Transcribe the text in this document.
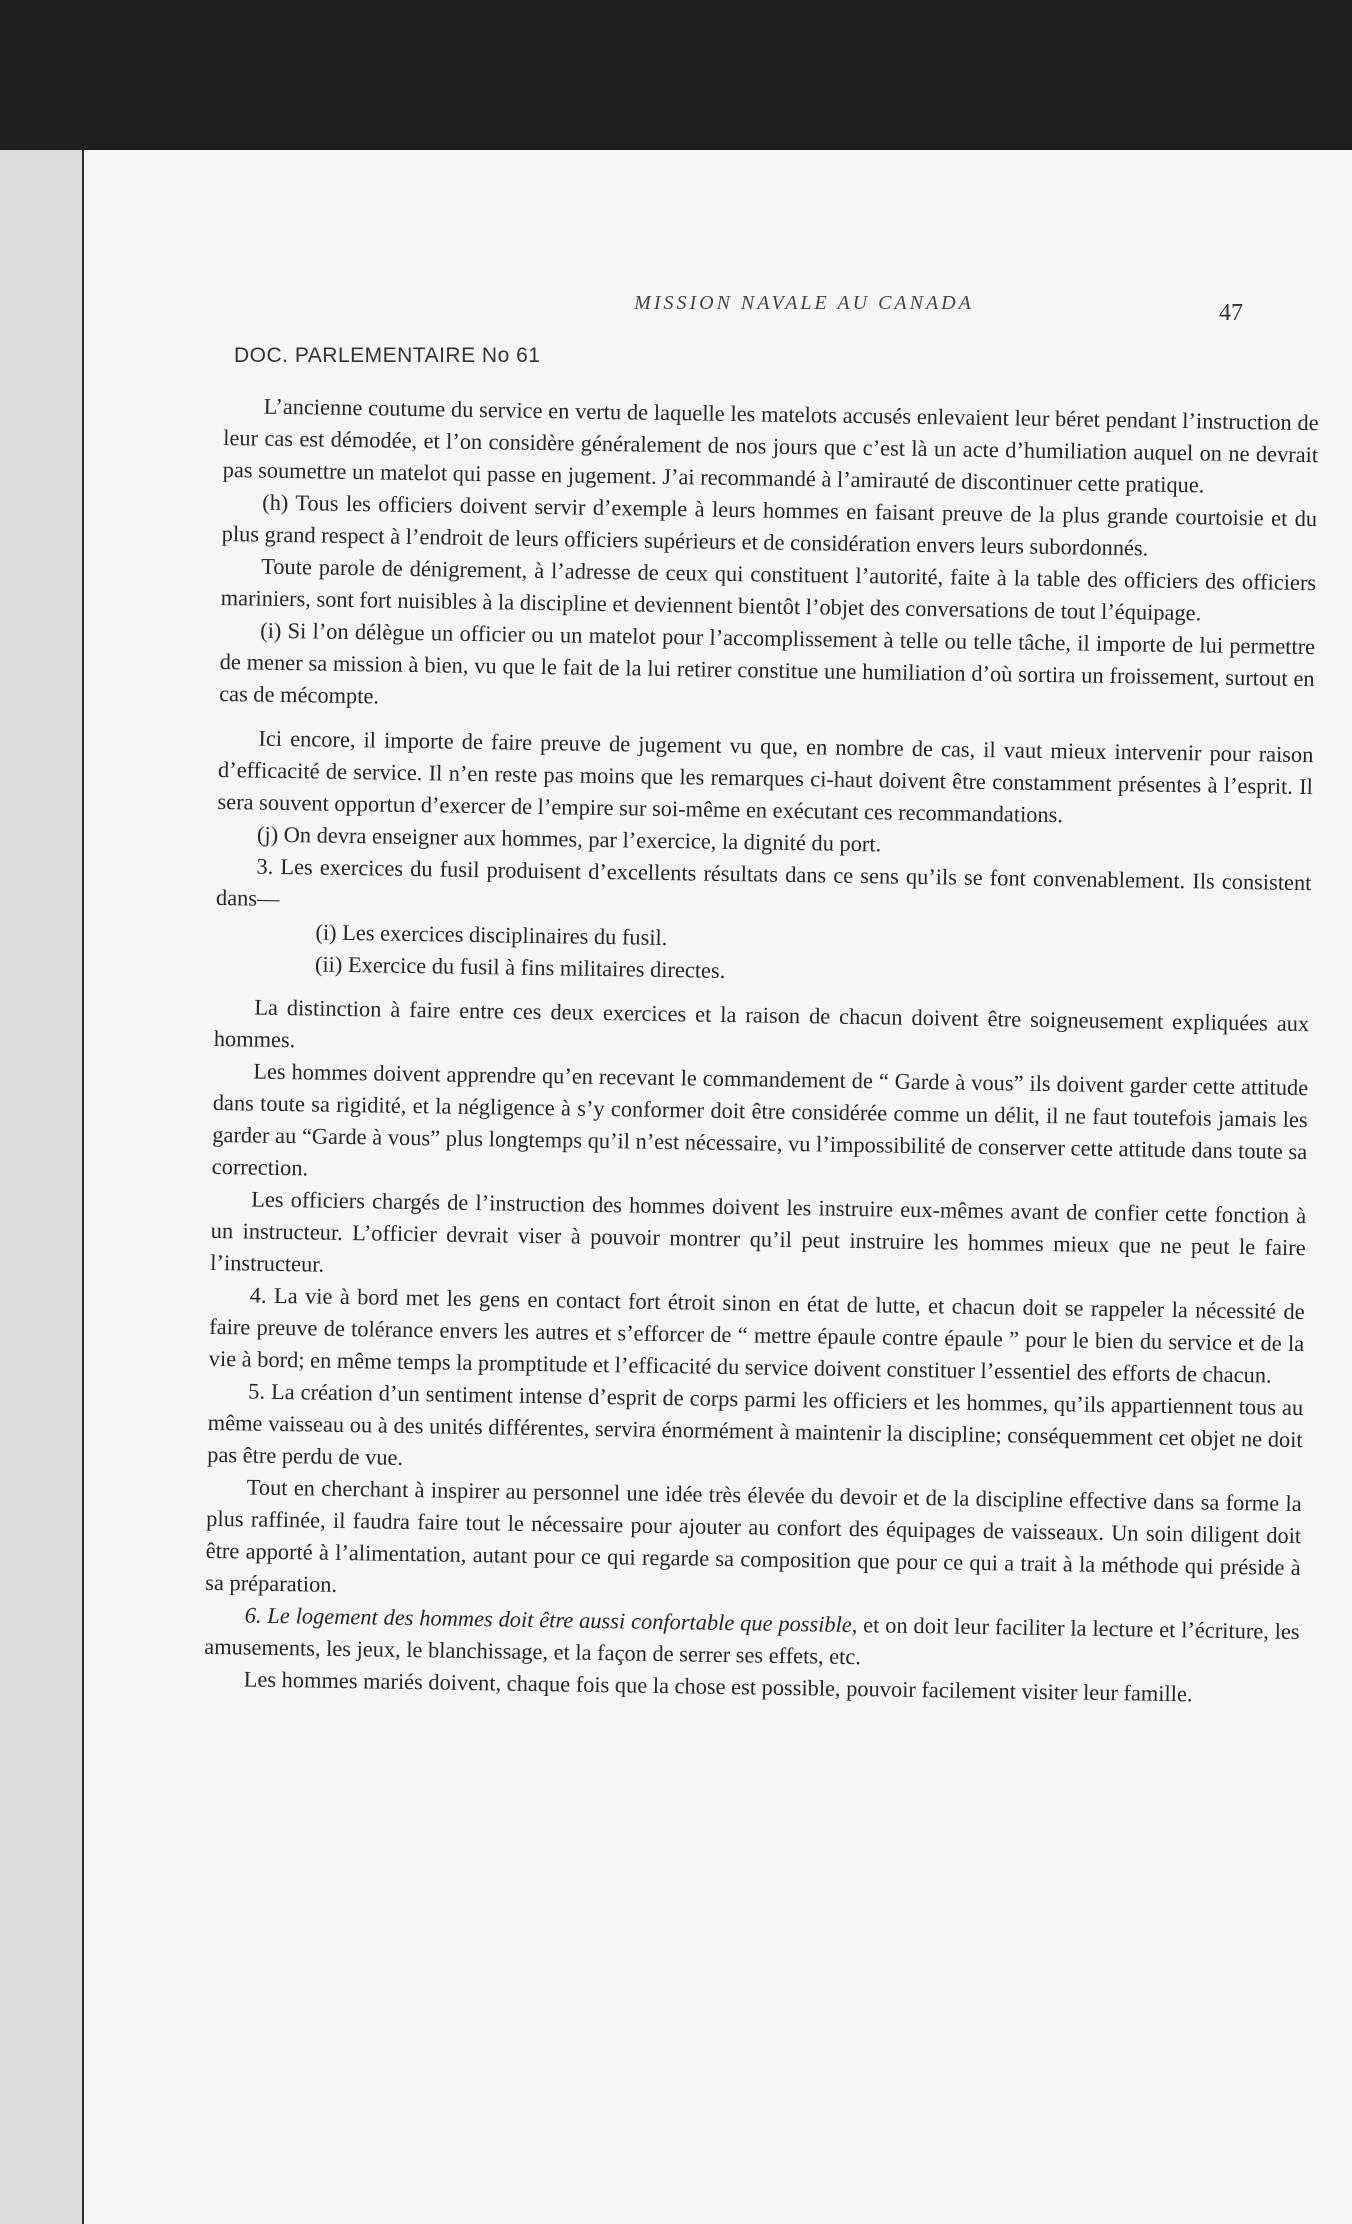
MISSION NAVALE AU CANADA	47
DOC. PARLEMENTAIRE No 61

L’ancienne coutume du service en vertu de laquelle les matelots accusés enlevaient leur béret pendant l’instruction de leur cas est démodée, et l’on considère généralement de nos jours que c’est là un acte d’humiliation auquel on ne devrait pas soumettre un matelot qui passe en jugement. J’ai recommandé à l’amirauté de discontinuer cette pratique.

(h) Tous les officiers doivent servir d’exemple à leurs hommes en faisant preuve de la plus grande courtoisie et du plus grand respect à l’endroit de leurs officiers supérieurs et de considération envers leurs subordonnés.

Toute parole de dénigrement, à l’adresse de ceux qui constituent l’autorité, faite à la table des officiers des officiers mariniers, sont fort nuisibles à la discipline et deviennent bientôt l’objet des conversations de tout l’équipage.

(i) Si l’on délègue un officier ou un matelot pour l’accomplissement à telle ou telle tâche, il importe de lui permettre de mener sa mission à bien, vu que le fait de la lui retirer constitue une humiliation d’où sortira un froissement, surtout en cas de mécompte.

Ici encore, il importe de faire preuve de jugement vu que, en nombre de cas, il vaut mieux intervenir pour raison d’efficacité de service. Il n’en reste pas moins que les remarques ci-haut doivent être constamment présentes à l’esprit. Il sera souvent opportun d’exercer de l’empire sur soi-même en exécutant ces recommandations.

(j) On devra enseigner aux hommes, par l’exercice, la dignité du port.

3. Les exercices du fusil produisent d’excellents résultats dans ce sens qu’ils se font convenablement. Ils consistent dans—

(i) Les exercices disciplinaires du fusil.

(ii) Exercice du fusil à fins militaires directes.

La distinction à faire entre ces deux exercices et la raison de chacun doivent être soigneusement expliquées aux hommes.

Les hommes doivent apprendre qu’en recevant le commandement de “ Garde à vous” ils doivent garder cette attitude dans toute sa rigidité, et la négligence à s’y conformer doit être considérée comme un délit, il ne faut toutefois jamais les garder au “Garde à vous” plus longtemps qu’il n’est nécessaire, vu l’impossibilité de conserver cette attitude dans toute sa correction.

Les officiers chargés de l’instruction des hommes doivent les instruire eux-mêmes avant de confier cette fonction à un instructeur. L’officier devrait viser à pouvoir montrer qu’il peut instruire les hommes mieux que ne peut le faire l’instructeur.

4. La vie à bord met les gens en contact fort étroit sinon en état de lutte, et chacun doit se rappeler la nécessité de faire preuve de tolérance envers les autres et s’efforcer de “ mettre épaule contre épaule ” pour le bien du service et de la vie à bord; en même temps la promptitude et l’efficacité du service doivent constituer l’essentiel des efforts de chacun.

5. La création d’un sentiment intense d’esprit de corps parmi les officiers et les hommes, qu’ils appartiennent tous au même vaisseau ou à des unités différentes, servira énormément à maintenir la discipline; conséquemment cet objet ne doit pas être perdu de vue.

Tout en cherchant à inspirer au personnel une idée très élevée du devoir et de la discipline effective dans sa forme la plus raffinée, il faudra faire tout le nécessaire pour ajouter au confort des équipages de vaisseaux. Un soin diligent doit être apporté à l’alimentation, autant pour ce qui regarde sa composition que pour ce qui a trait à la méthode qui préside à sa préparation.

6. Le logement des hommes doit être aussi confortable que possible, et on doit leur faciliter la lecture et l’écriture, les amusements, les jeux, le blanchissage, et la façon de serrer ses effets, etc.

Les hommes mariés doivent, chaque fois que la chose est possible, pouvoir facilement visiter leur famille.
